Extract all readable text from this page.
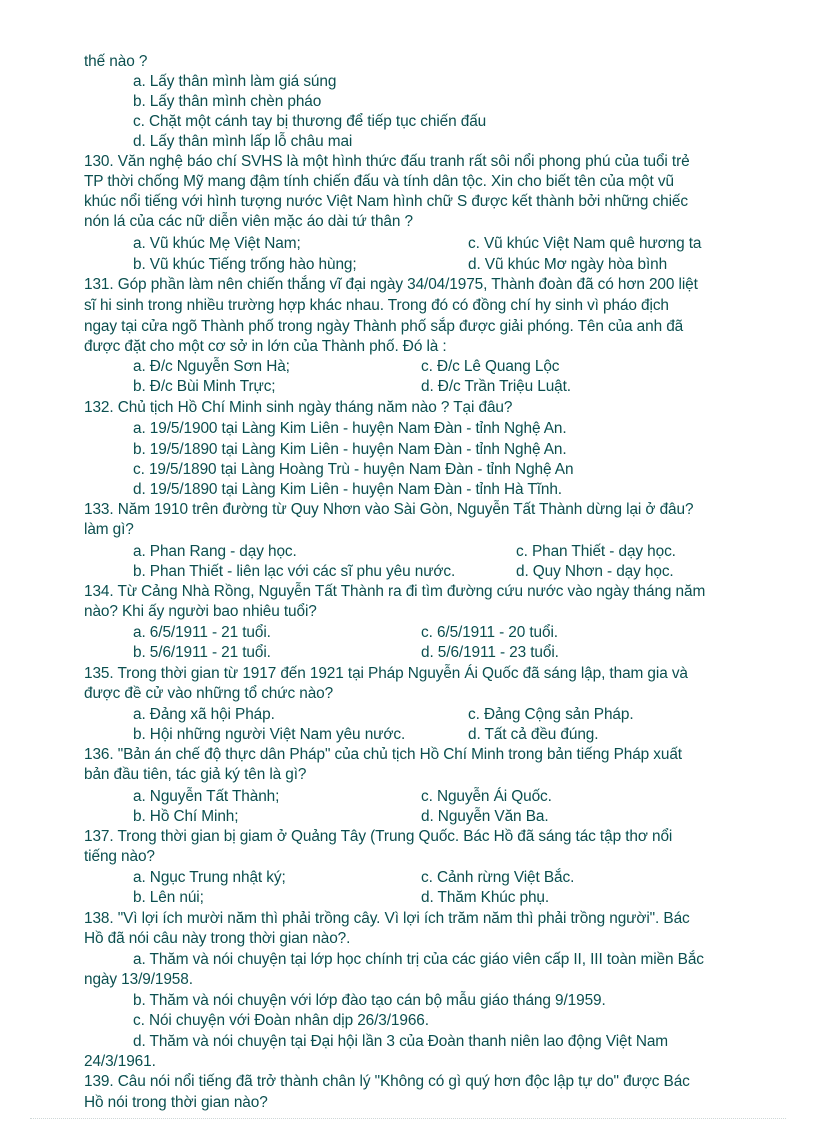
thế nào ?
a. Lấy thân mình làm giá súng
b. Lấy thân mình chèn pháo
c. Chặt một cánh tay bị thương để tiếp tục chiến đấu
d. Lấy thân mình lấp lỗ châu mai
130. Văn nghệ báo chí SVHS là một hình thức đấu tranh rất sôi nổi phong phú của tuổi trẻ
TP thời chống Mỹ mang đậm tính chiến đấu và tính dân tộc. Xin cho biết tên của một vũ
khúc nổi tiếng với hình tượng nước Việt Nam hình chữ S được kết thành bởi những chiếc
nón lá của các nữ diễn viên mặc áo dài tứ thân ?
a. Vũ khúc Mẹ Việt Nam;	c. Vũ khúc Việt Nam quê hương ta
b. Vũ khúc Tiếng trống hào hùng;	d. Vũ khúc Mơ ngày hòa bình
131. Góp phần làm nên chiến thắng vĩ đại ngày 34/04/1975, Thành đoàn đã có hơn 200 liệt
sĩ hi sinh trong nhiều trường hợp khác nhau. Trong đó có đồng chí hy sinh vì pháo địch
ngay tại cửa ngõ Thành phố trong ngày Thành phố sắp được giải phóng. Tên của anh đã
được đặt cho một cơ sở in lớn của Thành phố. Đó là :
a. Đ/c Nguyễn Sơn Hà;	c. Đ/c Lê Quang Lộc
b. Đ/c Bùi Minh Trực;	d. Đ/c Trần Triệu Luật.
132. Chủ tịch Hồ Chí Minh sinh ngày tháng năm nào ? Tại đâu?
a. 19/5/1900 tại Làng Kim Liên - huyện Nam Đàn - tỉnh Nghệ An.
b. 19/5/1890 tại Làng Kim Liên - huyện Nam Đàn - tỉnh Nghệ An.
c. 19/5/1890 tại Làng Hoàng Trù - huyện Nam Đàn - tỉnh Nghệ An
d. 19/5/1890 tại Làng Kim Liên - huyện Nam Đàn - tỉnh Hà Tĩnh.
133. Năm 1910 trên đường từ Quy Nhơn vào Sài Gòn, Nguyễn Tất Thành dừng lại ở đâu?
làm gì?
a. Phan Rang - dạy học.	c. Phan Thiết - dạy học.
b. Phan Thiết - liên lạc với các sĩ phu yêu nước.	d. Quy Nhơn - dạy học.
134. Từ Cảng Nhà Rồng, Nguyễn Tất Thành ra đi tìm đường cứu nước vào ngày tháng năm
nào? Khi ấy người bao nhiêu tuổi?
a. 6/5/1911 - 21 tuổi.	c. 6/5/1911 - 20 tuổi.
b. 5/6/1911 - 21 tuổi.	d. 5/6/1911 - 23 tuổi.
135. Trong thời gian từ 1917 đến 1921 tại Pháp Nguyễn Ái Quốc đã sáng lập, tham gia và
được đề cử vào những tổ chức nào?
a. Đảng xã hội Pháp.	c. Đảng Cộng sản Pháp.
b. Hội những người Việt Nam yêu nước.	d. Tất cả đều đúng.
136. "Bản án chế độ thực dân Pháp" của chủ tịch Hồ Chí Minh trong bản tiếng Pháp xuất
bản đầu tiên, tác giả ký tên là gì?
a. Nguyễn Tất Thành;	c. Nguyễn Ái Quốc.
b. Hồ Chí Minh;	d. Nguyễn Văn Ba.
137. Trong thời gian bị giam ở Quảng Tây (Trung Quốc. Bác Hồ đã sáng tác tập thơ nổi
tiếng nào?
a. Ngục Trung nhật ký;	c. Cảnh rừng Việt Bắc.
b. Lên núi;	d. Thăm Khúc phụ.
138. "Vì lợi ích mười năm thì phải trồng cây. Vì lợi ích trăm năm thì phải trồng người". Bác
Hồ đã nói câu này trong thời gian nào?.
a. Thăm và nói chuyện tại lớp học chính trị của các giáo viên cấp II, III toàn miền Bắc
ngày 13/9/1958.
b. Thăm và nói chuyện với lớp đào tạo cán bộ mẫu giáo tháng 9/1959.
c. Nói chuyện với Đoàn nhân dịp 26/3/1966.
d. Thăm và nói chuyện tại Đại hội lần 3 của Đoàn thanh niên lao động Việt Nam
24/3/1961.
139. Câu nói nổi tiếng đã trở thành chân lý "Không có gì quý hơn độc lập tự do" được Bác
Hồ nói trong thời gian nào?
